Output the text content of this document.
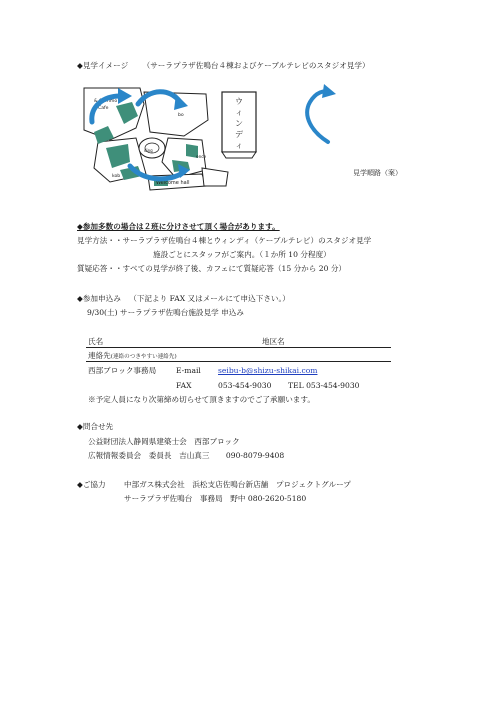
◆見学イメージ （サーラプラザ佐鳴台４棟およびケーブルテレビのスタジオ見学）
& Gemmo
Cafe
bo
ding
ence
kob
Welcome hall
ウ
ィ
ン
デ
ィ
見学順路（案）
◆参加多数の場合は２班に分けさせて頂く場合があります。
見学方法・・サーラプラザ佐鳴台４棟とウィンディ（ケーブルテレビ）のスタジオ見学
施設ごとにスタッフがご案内。（１か所 10 分程度）
質疑応答・・すべての見学が終了後、カフェにて質疑応答（15 分から 20 分）
◆参加申込み （下記より FAX 又はメールにて申込下さい。）
9/30(土) サーラプラザ佐鳴台施設見学 申込み
氏名	地区名
連絡先(連絡のつきやすい連絡先)
西部ブロック事務局	E-mail seibu-b@shizu-shikai.com
FAX	053-454-9030 TEL 053-454-9030
※予定人員になり次第締め切らせて頂きますのでご了承願います。
◆問合せ先
公益財団法人静岡県建築士会　西部ブロック
広報情報委員会　委員長　吉山真三 090-8079-9408
◆ご協力 中部ガス株式会社　浜松支店佐鳴台新店舗　プロジェクトグループ
サーラプラザ佐鳴台　事務局　野中 080-2620-5180
